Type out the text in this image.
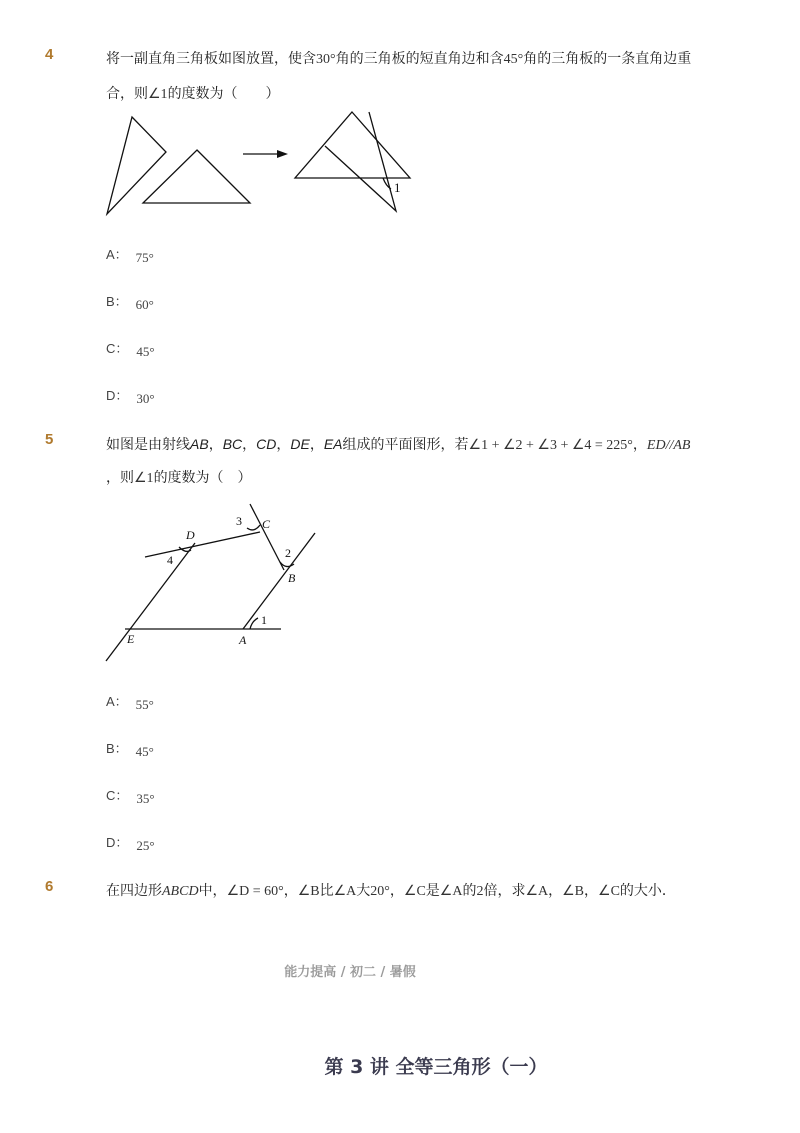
4	将一副直角三角板如图放置，使含30°角的三角板的短直角边和含45°角的三角板的一条直角边重
合，则∠1的度数为（　　）
1
A： 75°
B： 60°
C： 45°
D： 30°
5	如图是由射线AB，BC，CD，DE，EA组成的平面图形，若∠1 + ∠2 + ∠3 + ∠4 = 225°，ED//AB
，则∠1的度数为（　）
D
C
B
A
E
4
3
2
1
A： 55°
B： 45°
C： 35°
D： 25°
6	在四边形ABCD中，∠D = 60°，∠B比∠A大20°，∠C是∠A的2倍，求∠A，∠B，∠C的大小．
能力提高 / 初二 / 暑假
第 3 讲 全等三角形（一）
